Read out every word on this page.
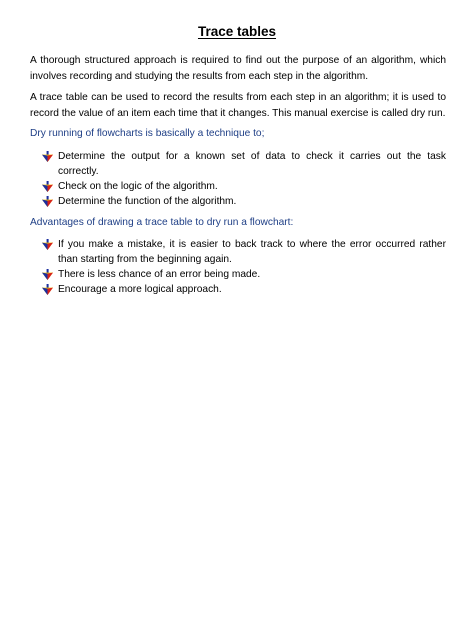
Trace tables
A thorough structured approach is required to find out the purpose of an algorithm, which
involves recording and studying the results from each step in the algorithm.
A trace table can be used to record the results from each step in an algorithm; it is used to
record the value of an item each time that it changes. This manual exercise is called dry run.
Dry running of flowcharts is basically a technique to;
Determine the output for a known set of data to check it carries out the task
correctly.
Check on the logic of the algorithm.
Determine the function of the algorithm.
Advantages of drawing a trace table to dry run a flowchart:
If you make a mistake, it is easier to back track to where the error occurred rather
than starting from the beginning again.
There is less chance of an error being made.
Encourage a more logical approach.
